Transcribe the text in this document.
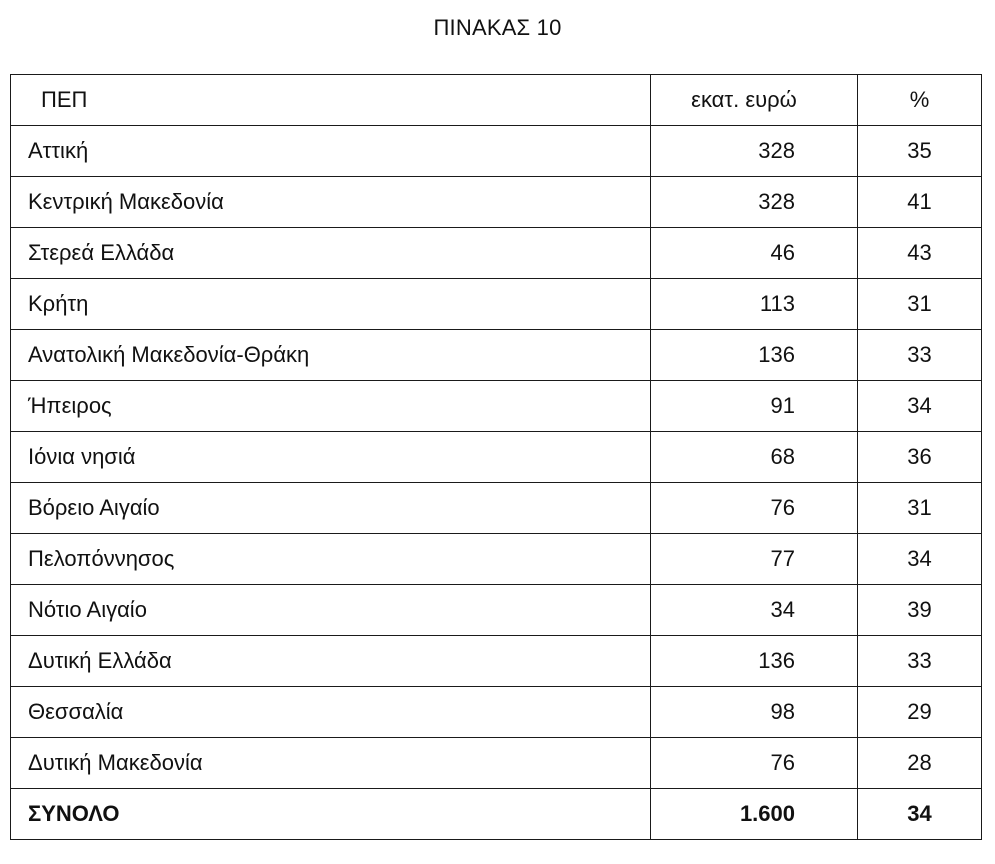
ΠΙΝΑΚΑΣ 10
ΠΕΠ	εκατ. ευρώ	%
Αττική	328	35
Κεντρική Μακεδονία	328	41
Στερεά Ελλάδα	46	43
Κρήτη	113	31
Ανατολική Μακεδονία-Θράκη	136	33
Ήπειρος	91	34
Ιόνια νησιά	68	36
Βόρειο Αιγαίο	76	31
Πελοπόννησος	77	34
Νότιο Αιγαίο	34	39
Δυτική Ελλάδα	136	33
Θεσσαλία	98	29
Δυτική Μακεδονία	76	28
ΣΥΝΟΛΟ	1.600	34
